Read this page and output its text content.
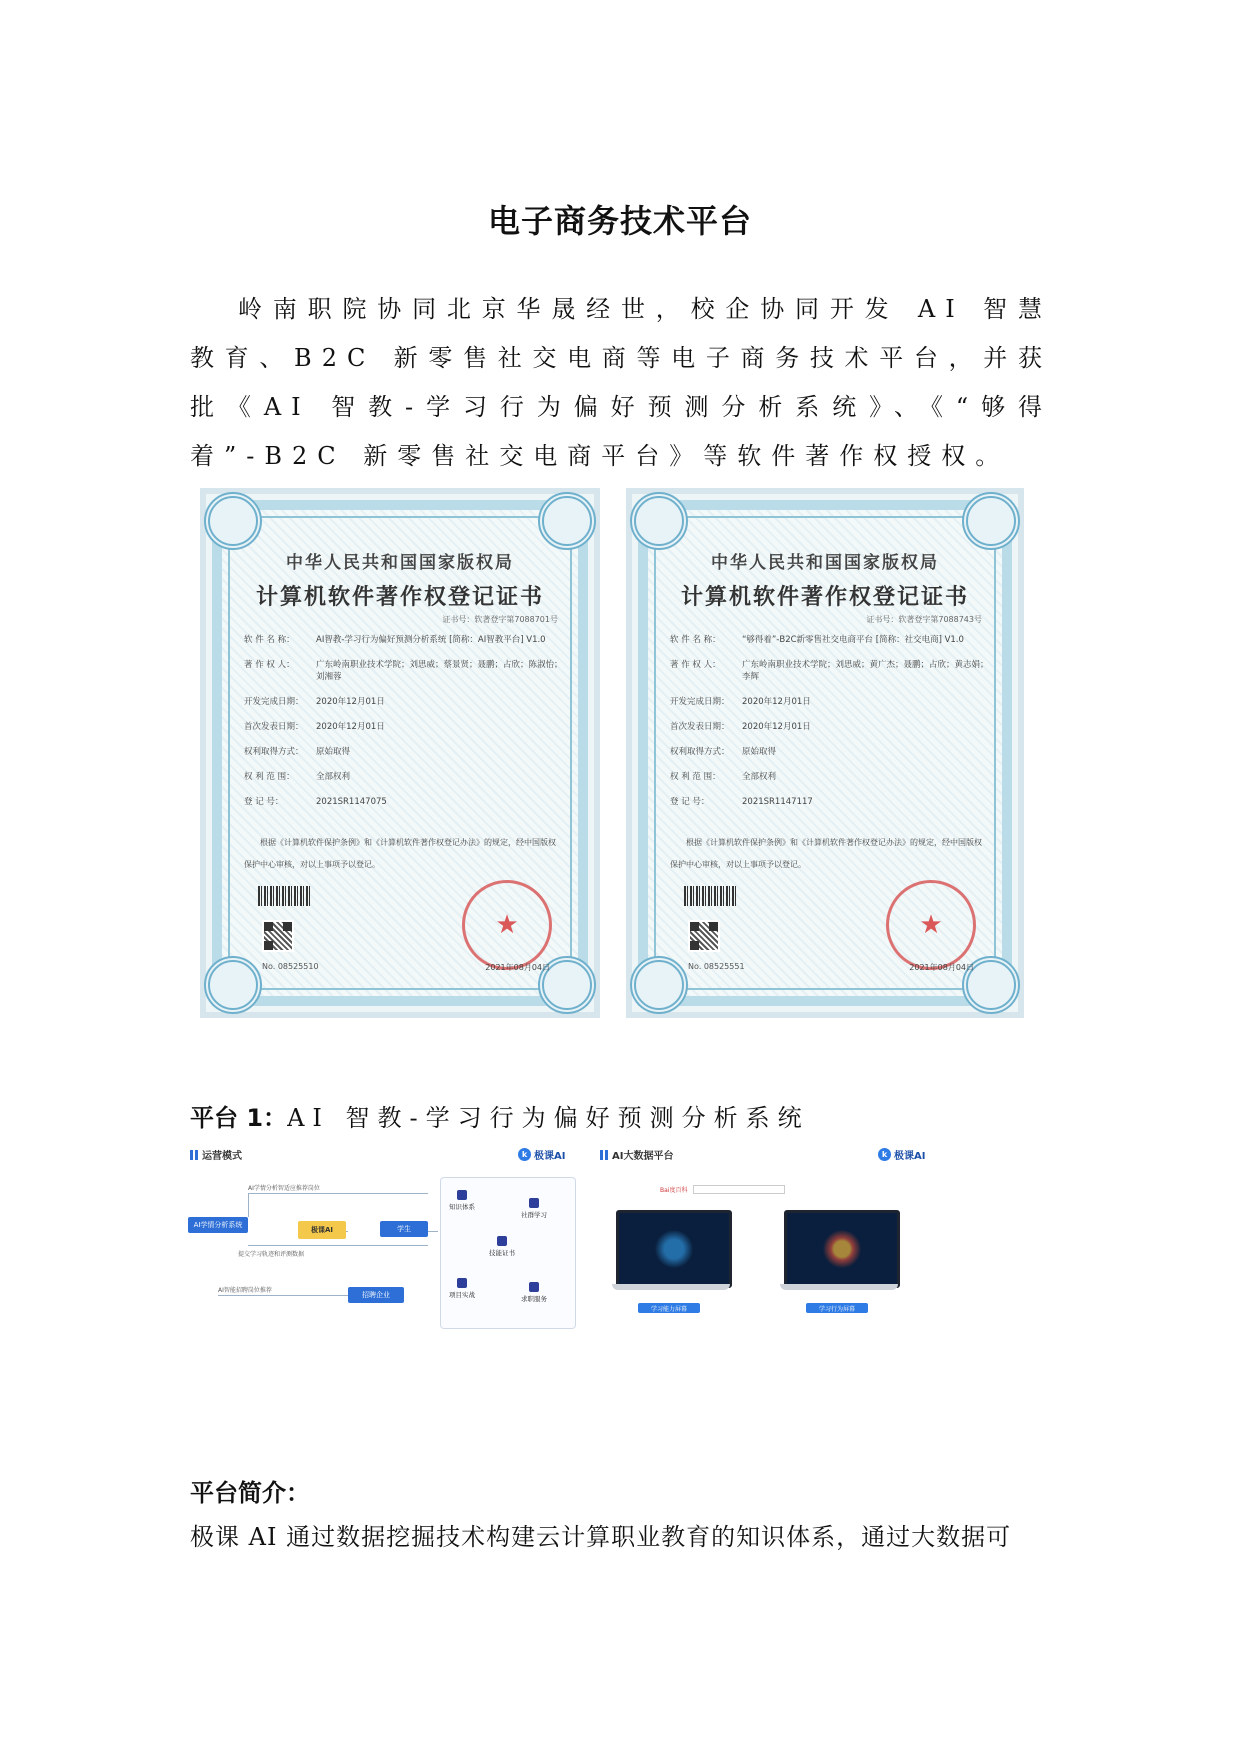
电子商务技术平台

岭南职院协同北京华晟经世，校企协同开发 AI 智慧教育、B2C 新零售社交电商等电子商务技术平台，并获批《AI 智教-学习行为偏好预测分析系统》、《“够得着”-B2C 新零售社交电商平台》等软件著作权授权。

中华人民共和国国家版权局
计算机软件著作权登记证书
证书号：软著登字第7088701号
软 件 名 称：	AI智教-学习行为偏好预测分析系统 [简称：AI智教平台] V1.0
著 作 权 人：	广东岭南职业技术学院；刘思威；蔡景贤；聂鹏；占欣；陈淑怡；刘湘蓉
开发完成日期：	2020年12月01日
首次发表日期：	2020年12月01日
权利取得方式：	原始取得
权 利 范 围：	全部权利
登 记 号：	2021SR1147075
根据《计算机软件保护条例》和《计算机软件著作权登记办法》的规定，经中国版权保护中心审核，对以上事项予以登记。
★
No. 08525510	2021年08月04日
中华人民共和国国家版权局
计算机软件著作权登记证书
证书号：软著登字第7088743号
软 件 名 称：	“够得着”-B2C新零售社交电商平台 [简称：社交电商] V1.0
著 作 权 人：	广东岭南职业技术学院；刘思威；黄广杰；聂鹏；占欣；黄志娟；李辉
开发完成日期：	2020年12月01日
首次发表日期：	2020年12月01日
权利取得方式：	原始取得
权 利 范 围：	全部权利
登 记 号：	2021SR1147117
根据《计算机软件保护条例》和《计算机软件著作权登记办法》的规定，经中国版权保护中心审核，对以上事项予以登记。
★
No. 08525551	2021年08月04日

平台 1：AI 智教-学习行为偏好预测分析系统

运营模式	k 极课AI
AI学情分析智适应推荐岗位
提交学习轨迹和评测数据
AI智能招聘岗位推荐
AI学情分析系统
极课AI	学生
招聘企业
知识体系
社群学习
技能证书
项目实战	求职服务
AI大数据平台	k 极课AI
Bai度百科
学习能力屏幕	学习行为屏幕

平台简介：

极课 AI 通过数据挖掘技术构建云计算职业教育的知识体系，通过大数据可
